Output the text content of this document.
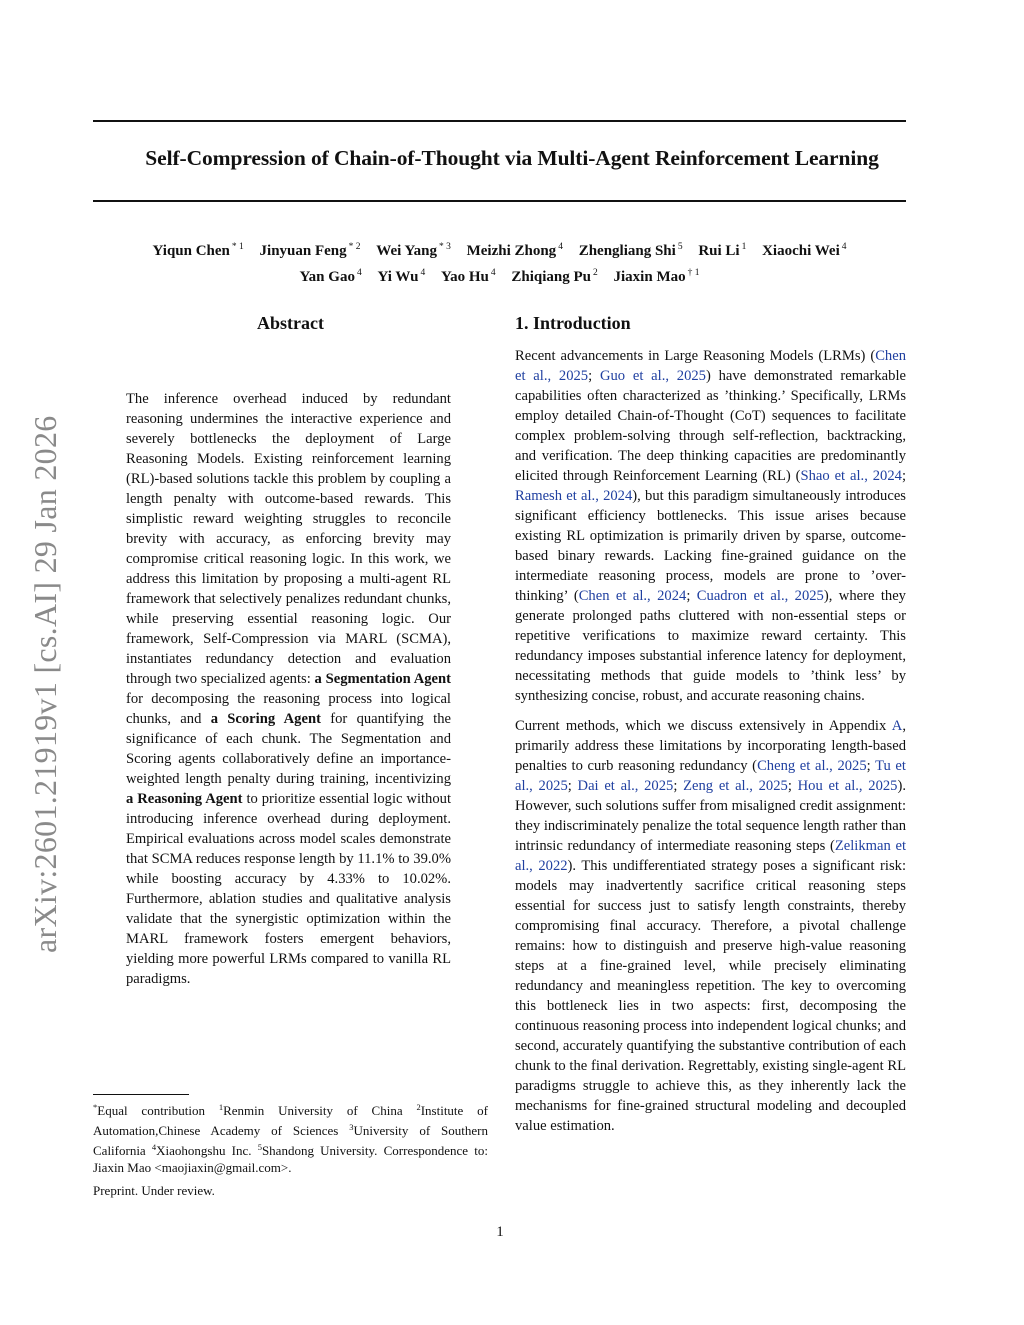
Self-Compression of Chain-of-Thought via Multi-Agent Reinforcement Learning
Yiqun Chen $^{* 1}$ Jinyuan Feng $^{* 2}$ Wei Yang $^{* 3}$ Meizhi Zhong $^4$ Zhengliang Shi $^5$ Rui Li $^1$ Xiaochi Wei $^4$
Yan Gao $^4$ Yi Wu $^4$ Yao Hu $^4$ Zhiqiang Pu $^2$ Jiaxin Mao $^{\dagger 1}$
arXiv:2601.21919v1 [cs.AI] 29 Jan 2026
Abstract	1. Introduction
The inference overhead induced by redundant reasoning undermines the interactive experience and severely bottlenecks the deployment of Large Reasoning Models. Existing reinforcement learning (RL)-based solutions tackle this problem by coupling a length penalty with outcome-based rewards. This simplistic reward weighting struggles to reconcile brevity with accuracy, as enforcing brevity may compromise critical reasoning logic. In this work, we address this limitation by proposing a multi-agent RL framework that selectively penalizes redundant chunks, while preserving essential reasoning logic. Our framework, Self-Compression via MARL (SCMA), instantiates redundancy detection and evaluation through two specialized agents: a Segmentation Agent for decomposing the reasoning process into logical chunks, and a Scoring Agent for quantifying the significance of each chunk. The Segmentation and Scoring agents collaboratively define an importance-weighted length penalty during training, incentivizing a Reasoning Agent to prioritize essential logic without introducing inference overhead during deployment. Empirical evaluations across model scales demonstrate that SCMA reduces response length by 11.1% to 39.0% while boosting accuracy by 4.33% to 10.02%. Furthermore, ablation studies and qualitative analysis validate that the synergistic optimization within the MARL framework fosters emergent behaviors, yielding more powerful LRMs compared to vanilla RL paradigms.

Recent advancements in Large Reasoning Models (LRMs) (Chen et al., 2025; Guo et al., 2025) have demonstrated remarkable capabilities often characterized as ’thinking.’ Specifically, LRMs employ detailed Chain-of-Thought (CoT) sequences to facilitate complex problem-solving through self-reflection, backtracking, and verification. The deep thinking capacities are predominantly elicited through Reinforcement Learning (RL) (Shao et al., 2024; Ramesh et al., 2024), but this paradigm simultaneously introduces significant efficiency bottlenecks. This issue arises because existing RL optimization is primarily driven by sparse, outcome-based binary rewards. Lacking fine-grained guidance on the intermediate reasoning process, models are prone to ’over-thinking’ (Chen et al., 2024; Cuadron et al., 2025), where they generate prolonged paths cluttered with non-essential steps or repetitive verifications to maximize reward certainty. This redundancy imposes substantial inference latency for deployment, necessitating methods that guide models to ’think less’ by synthesizing concise, robust, and accurate reasoning chains.

Current methods, which we discuss extensively in Appendix A, primarily address these limitations by incorporating length-based penalties to curb reasoning redundancy (Cheng et al., 2025; Tu et al., 2025; Dai et al., 2025; Zeng et al., 2025; Hou et al., 2025). However, such solutions suffer from misaligned credit assignment: they indiscriminately penalize the total sequence length rather than intrinsic redundancy of intermediate reasoning steps (Zelikman et al., 2022). This undifferentiated strategy poses a significant risk: models may inadvertently sacrifice critical reasoning steps essential for success just to satisfy length constraints, thereby compromising final accuracy. Therefore, a pivotal challenge remains: how to distinguish and preserve high-value reasoning steps at a fine-grained level, while precisely eliminating redundancy and meaningless repetition. The key to overcoming this bottleneck lies in two aspects: first, decomposing the continuous reasoning process into independent logical chunks; and second, accurately quantifying the substantive contribution of each chunk to the final derivation. Regrettably, existing single-agent RL paradigms struggle to achieve this, as they inherently lack the mechanisms for fine-grained structural modeling and decoupled value estimation.

*Equal contribution $^1$Renmin University of China $^2$Institute of Automation,Chinese Academy of Sciences $^3$University of Southern California $^4$Xiaohongshu Inc. $^5$Shandong University. Correspondence to: Jiaxin Mao <maojiaxin@gmail.com>.
Preprint. Under review.
1
